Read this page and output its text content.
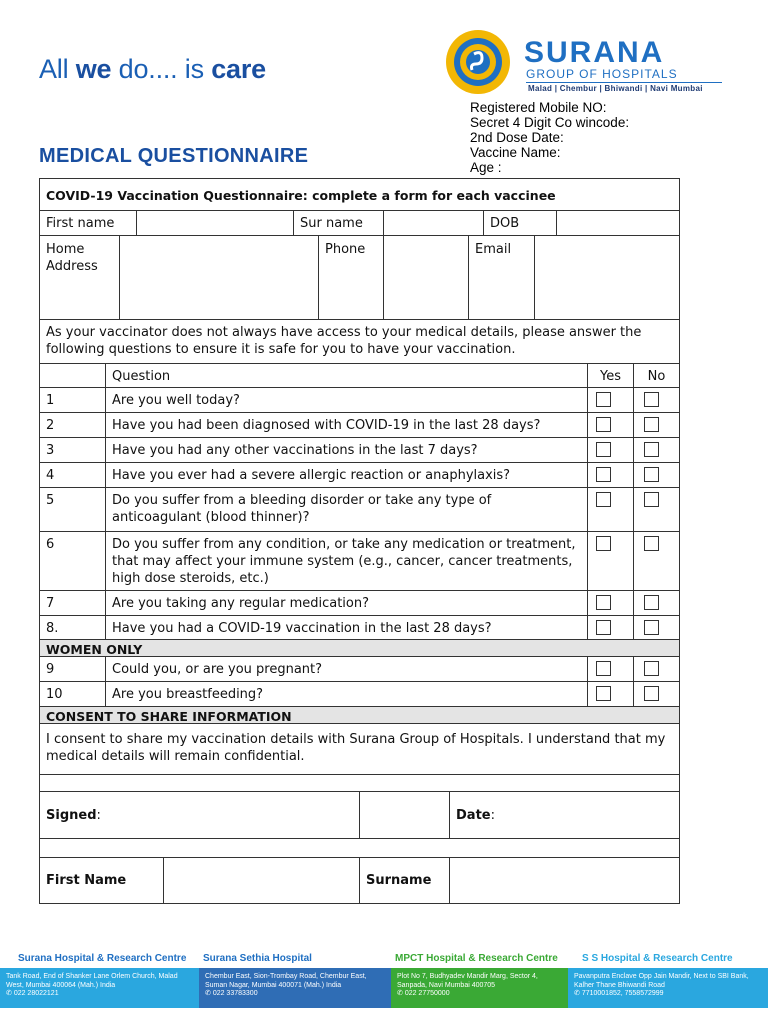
All we do.... is care	SURANA
GROUP OF HOSPITALS
Malad | Chembur | Bhiwandi | Navi Mumbai
Registered Mobile NO:
Secret 4 Digit Co wincode:
2nd Dose Date:
Vaccine Name:
Age :
MEDICAL QUESTIONNAIRE
COVID-19 Vaccination Questionnaire: complete a form for each vaccinee
First name	Sur name	DOB
Home Address
Phone	Email
As your vaccinator does not always have access to your medical details, please answer the following questions to ensure it is safe for you to have your vaccination.
Question	Yes	No
1	Are you well today?
2	Have you had been diagnosed with COVID-19 in the last 28 days?
3	Have you had any other vaccinations in the last 7 days?
4	Have you ever had a severe allergic reaction or anaphylaxis?
5	Do you suffer from a bleeding disorder or take any type of anticoagulant (blood thinner)?
6	Do you suffer from any condition, or take any medication or treatment, that may affect your immune system (e.g., cancer, cancer treatments, high dose steroids, etc.)
7	Are you taking any regular medication?
8.	Have you had a COVID-19 vaccination in the last 28 days?
WOMEN ONLY
9	Could you, or are you pregnant?
10	Are you breastfeeding?
CONSENT TO SHARE INFORMATION
I consent to share my vaccination details with Surana Group of Hospitals. I understand that my medical details will remain confidential.
Signed:	Date:
First Name	Surname
Surana Hospital & Research Centre
Tank Road, End of Shanker Lane Orlem Church, Malad West, Mumbai 400064 (Mah.) India
✆ 022 28022121
Surana Sethia Hospital
Chembur East, Sion-Trombay Road, Chembur East, Suman Nagar, Mumbai 400071 (Mah.) India
✆ 022 33783300
MPCT Hospital & Research Centre
Plot No 7, Budhyadev Mandir Marg, Sector 4, Sanpada, Navi Mumbai 400705
✆ 022 27750000
S S Hospital & Research Centre
Pavanputra Enclave Opp Jain Mandir, Next to SBI Bank, Kalher Thane Bhiwandi Road
✆ 7710001852, 7558572999
